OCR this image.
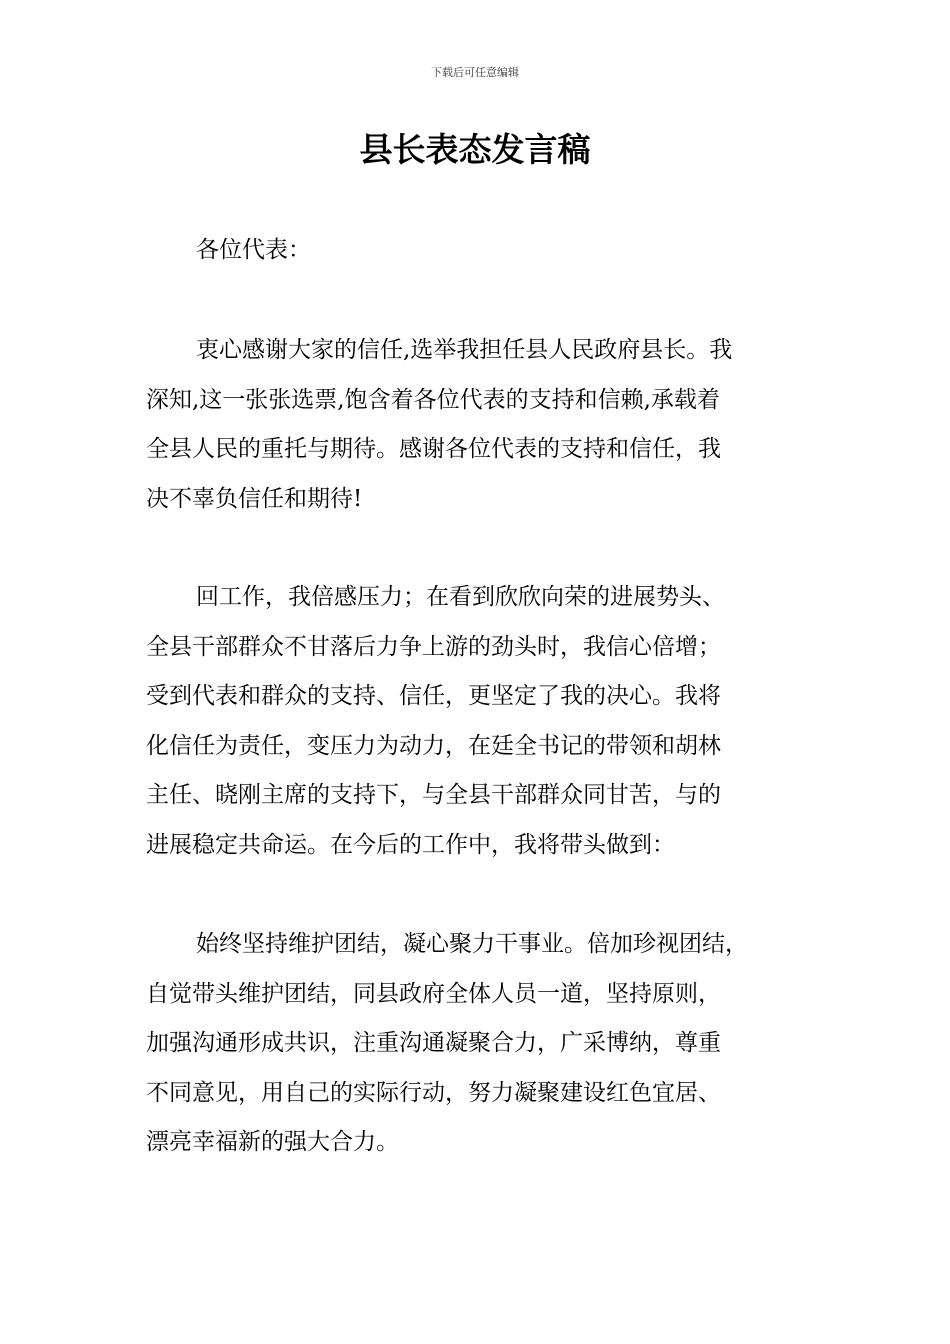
下载后可任意编辑
县长表态发言稿
各位代表：
衷心感谢大家的信任,选举我担任县人民政府县长。我
深知,这一张张选票,饱含着各位代表的支持和信赖,承载着
全县人民的重托与期待。感谢各位代表的支持和信任，我
决不辜负信任和期待!
回工作，我倍感压力；在看到欣欣向荣的进展势头、
全县干部群众不甘落后力争上游的劲头时，我信心倍增；
受到代表和群众的支持、信任，更坚定了我的决心。我将
化信任为责任，变压力为动力，在廷全书记的带领和胡林
主任、晓刚主席的支持下，与全县干部群众同甘苦，与的
进展稳定共命运。在今后的工作中，我将带头做到：
始终坚持维护团结，凝心聚力干事业。倍加珍视团结，
自觉带头维护团结，同县政府全体人员一道，坚持原则，
加强沟通形成共识，注重沟通凝聚合力，广采博纳，尊重
不同意见，用自己的实际行动，努力凝聚建设红色宜居、
漂亮幸福新的强大合力。
